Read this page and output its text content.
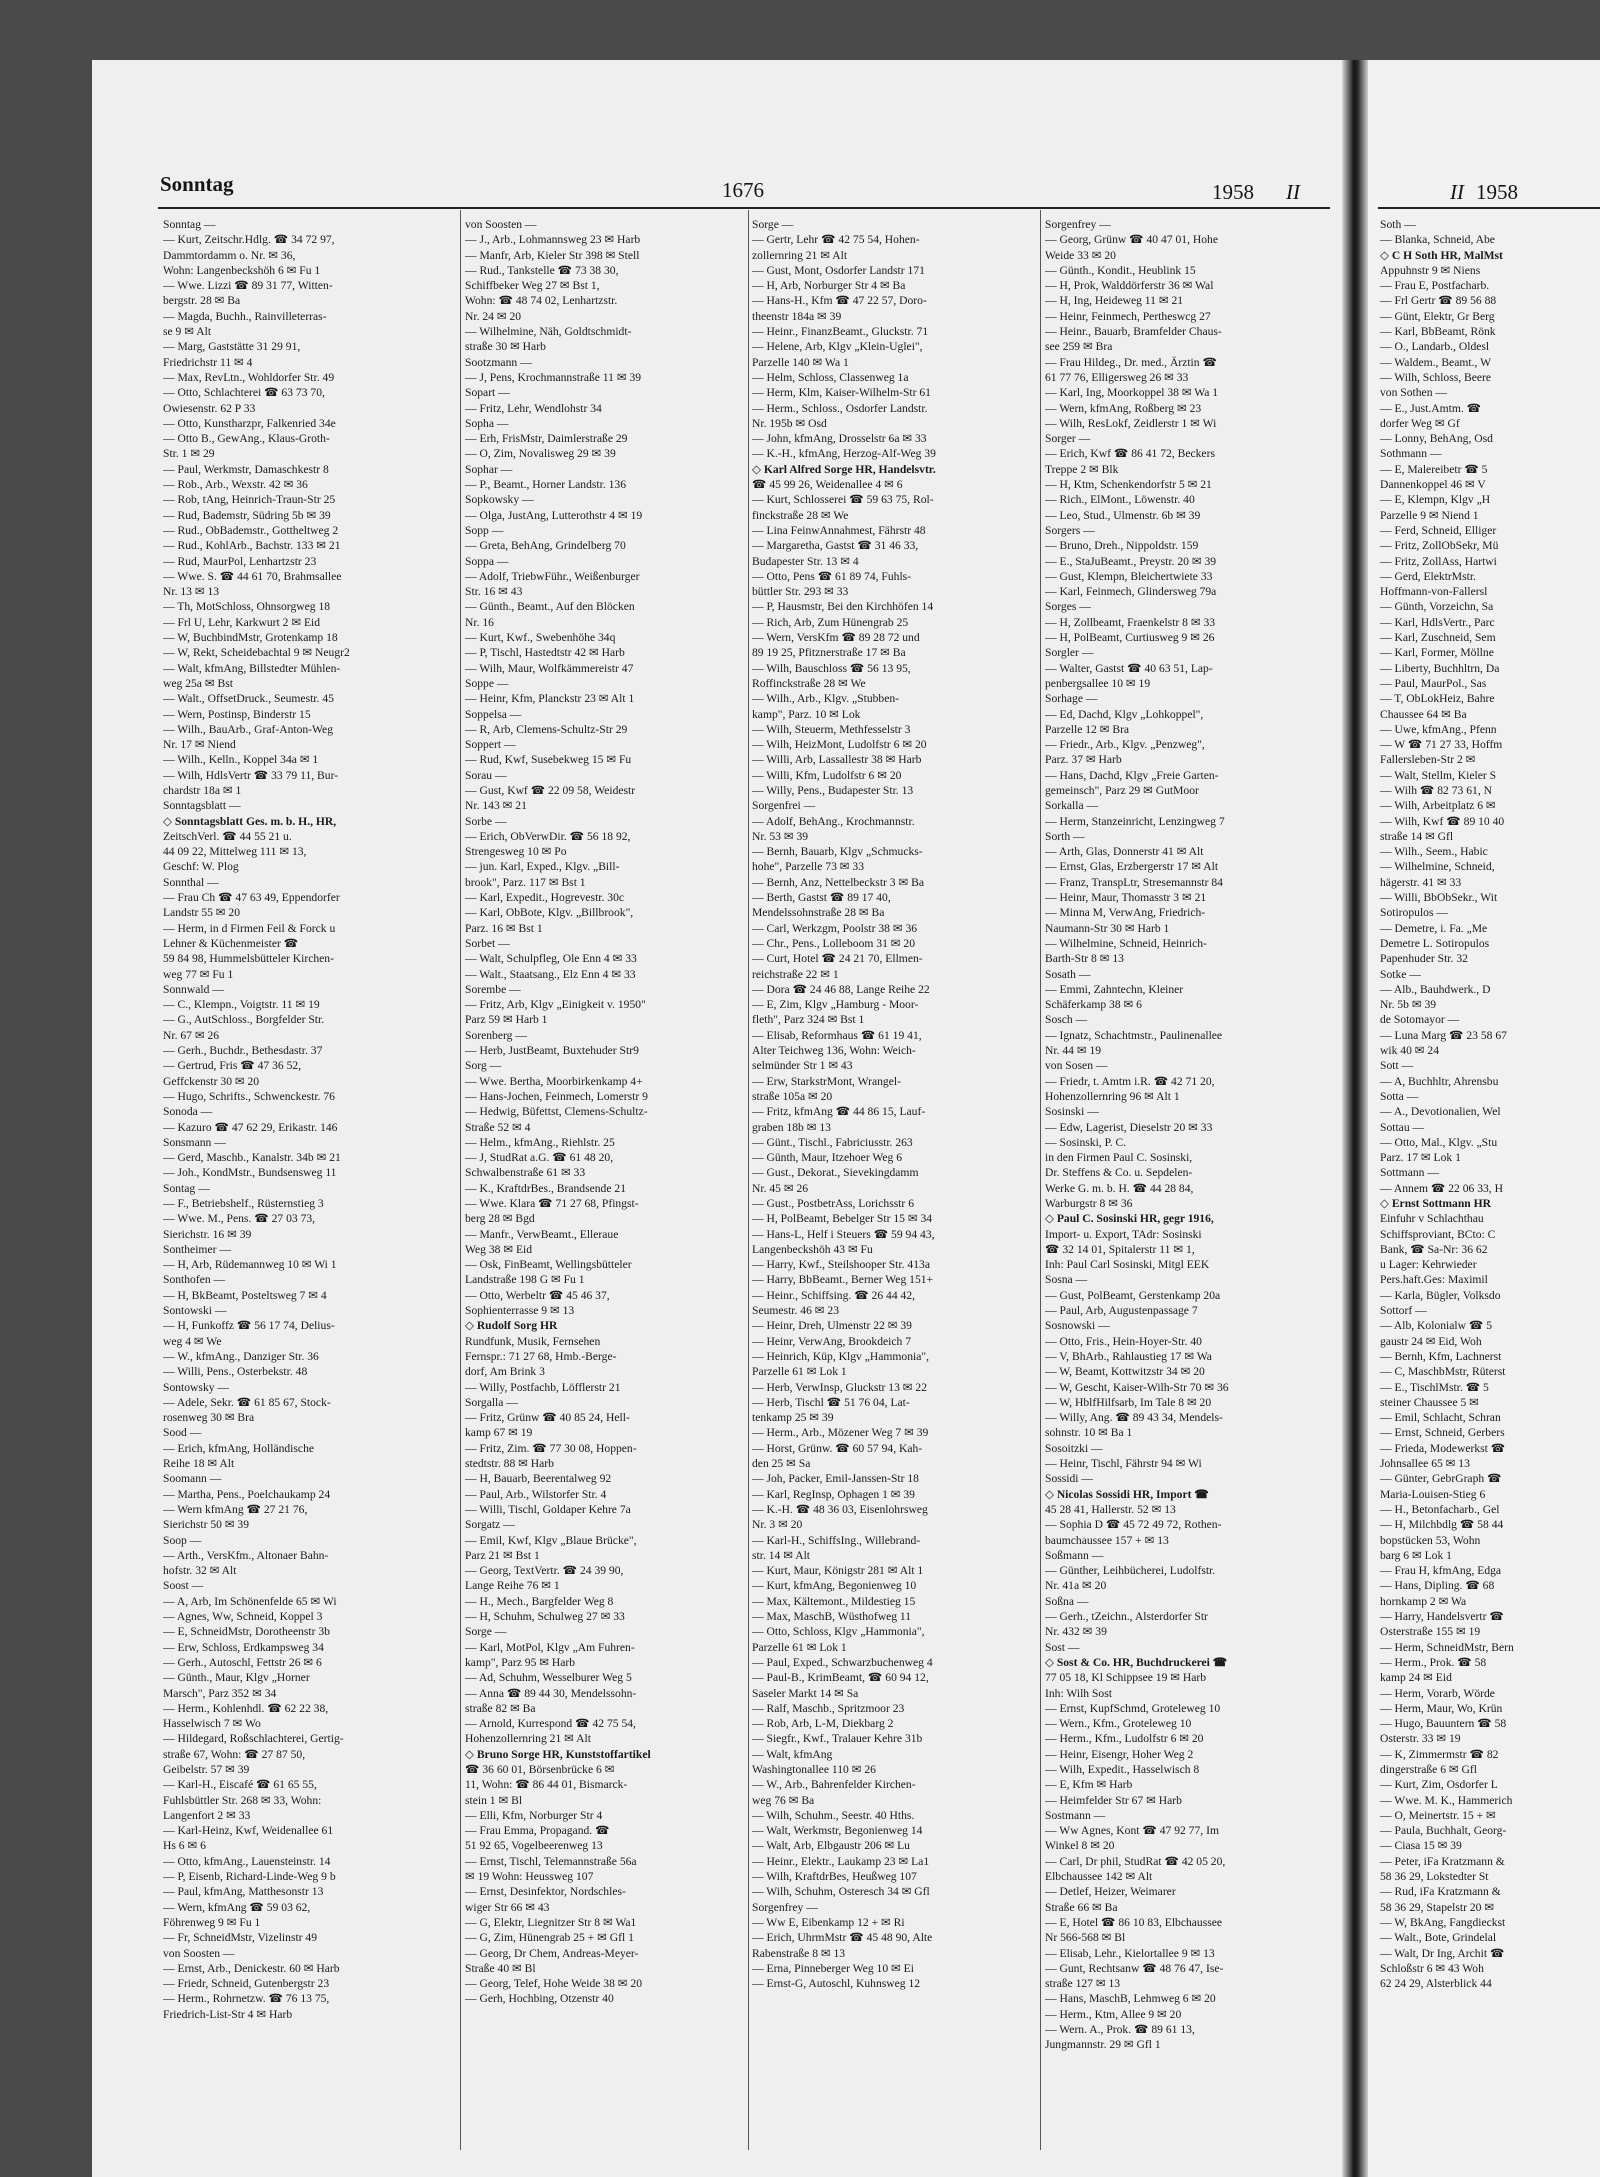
Sonntag	1676	1958 II	II 1958
Sonntag —
— Kurt, Zeitschr.Hdlg. ☎ 34 72 97,
Dammtordamm o. Nr. ✉ 36,
Wohn: Langenbeckshöh 6 ✉ Fu 1
— Wwe. Lizzi ☎ 89 31 77, Witten-
bergstr. 28 ✉ Ba
— Magda, Buchh., Rainvilleterras-
se 9 ✉ Alt
— Marg, Gaststätte 31 29 91,
Friedrichstr 11 ✉ 4
— Max, RevLtn., Wohldorfer Str. 49
— Otto, Schlachterei ☎ 63 73 70,
Owiesenstr. 62 P 33
— Otto, Kunstharzpr, Falkenried 34e
— Otto B., GewAng., Klaus-Groth-
Str. 1 ✉ 29
— Paul, Werkmstr, Damaschkestr 8
— Rob., Arb., Wexstr. 42 ✉ 36
— Rob, tAng, Heinrich-Traun-Str 25
— Rud, Bademstr, Südring 5b ✉ 39
— Rud., ObBademstr., Gottheltweg 2
— Rud., KohlArb., Bachstr. 133 ✉ 21
— Rud, MaurPol, Lenhartzstr 23
— Wwe. S. ☎ 44 61 70, Brahmsallee
Nr. 13 ✉ 13
— Th, MotSchloss, Ohnsorgweg 18
— Frl U, Lehr, Karkwurt 2 ✉ Eid
— W, BuchbindMstr, Grotenkamp 18
— W, Rekt, Scheidebachtal 9 ✉ Neugr2
— Walt, kfmAng, Billstedter Mühlen-
weg 25a ✉ Bst
— Walt., OffsetDruck., Seumestr. 45
— Wern, Postinsp, Binderstr 15
— Wilh., BauArb., Graf-Anton-Weg
Nr. 17 ✉ Niend
— Wilh., Kelln., Koppel 34a ✉ 1
— Wilh, HdlsVertr ☎ 33 79 11, Bur-
chardstr 18a ✉ 1
Sonntagsblatt —
◇ Sonntagsblatt Ges. m. b. H., HR,
ZeitschVerl. ☎ 44 55 21 u.
44 09 22, Mittelweg 111 ✉ 13,
Geschf: W. Plog
Sonnthal —
— Frau Ch ☎ 47 63 49, Eppendorfer
Landstr 55 ✉ 20
— Herm, in d Firmen Feil & Forck u
Lehner & Küchenmeister ☎
59 84 98, Hummelsbütteler Kirchen-
weg 77 ✉ Fu 1
Sonnwald —
— C., Klempn., Voigtstr. 11 ✉ 19
— G., AutSchloss., Borgfelder Str.
Nr. 67 ✉ 26
— Gerh., Buchdr., Bethesdastr. 37
— Gertrud, Fris ☎ 47 36 52,
Geffckenstr 30 ✉ 20
— Hugo, Schrifts., Schwenckestr. 76
Sonoda —
— Kazuro ☎ 47 62 29, Erikastr. 146
Sonsmann —
— Gerd, Maschb., Kanalstr. 34b ✉ 21
— Joh., KondMstr., Bundsensweg 11
Sontag —
— F., Betriebshelf., Rüsternstieg 3
— Wwe. M., Pens. ☎ 27 03 73,
Sierichstr. 16 ✉ 39
Sontheimer —
— H, Arb, Rüdemannweg 10 ✉ Wi 1
Sonthofen —
— H, BkBeamt, Posteltsweg 7 ✉ 4
Sontowski —
— H, Funkoffz ☎ 56 17 74, Delius-
weg 4 ✉ We
— W., kfmAng., Danziger Str. 36
— Willi, Pens., Osterbekstr. 48
Sontowsky —
— Adele, Sekr. ☎ 61 85 67, Stock-
rosenweg 30 ✉ Bra
Sood —
— Erich, kfmAng, Holländische
Reihe 18 ✉ Alt
Soomann —
— Martha, Pens., Poelchaukamp 24
— Wern kfmAng ☎ 27 21 76,
Sierichstr 50 ✉ 39
Soop —
— Arth., VersKfm., Altonaer Bahn-
hofstr. 32 ✉ Alt
Soost —
— A, Arb, Im Schönenfelde 65 ✉ Wi
— Agnes, Ww, Schneid, Koppel 3
— E, SchneidMstr, Dorotheenstr 3b
— Erw, Schloss, Erdkampsweg 34
— Gerh., Autoschl, Fettstr 26 ✉ 6
— Günth., Maur, Klgv „Horner
Marsch", Parz 352 ✉ 34
— Herm., Kohlenhdl. ☎ 62 22 38,
Hasselwisch 7 ✉ Wo
— Hildegard, Roßschlachterei, Gertig-
straße 67, Wohn: ☎ 27 87 50,
Geibelstr. 57 ✉ 39
— Karl-H., Eiscafé ☎ 61 65 55,
Fuhlsbüttler Str. 268 ✉ 33, Wohn:
Langenfort 2 ✉ 33
— Karl-Heinz, Kwf, Weidenallee 61
Hs 6 ✉ 6
— Otto, kfmAng., Lauensteinstr. 14
— P, Eisenb, Richard-Linde-Weg 9 b
— Paul, kfmAng, Matthesonstr 13
— Wern, kfmAng ☎ 59 03 62,
Föhrenweg 9 ✉ Fu 1
— Fr, SchneidMstr, Vizelinstr 49
von Soosten —
— Ernst, Arb., Denickestr. 60 ✉ Harb
— Friedr, Schneid, Gutenbergstr 23
— Herm., Rohrnetzw. ☎ 76 13 75,
Friedrich-List-Str 4 ✉ Harb
von Soosten —
— J., Arb., Lohmannsweg 23 ✉ Harb
— Manfr, Arb, Kieler Str 398 ✉ Stell
— Rud., Tankstelle ☎ 73 38 30,
Schiffbeker Weg 27 ✉ Bst 1,
Wohn: ☎ 48 74 02, Lenhartzstr.
Nr. 24 ✉ 20
— Wilhelmine, Näh, Goldtschmidt-
straße 30 ✉ Harb
Sootzmann —
— J, Pens, Krochmannstraße 11 ✉ 39
Sopart —
— Fritz, Lehr, Wendlohstr 34
Sopha —
— Erh, FrisMstr, Daimlerstraße 29
— O, Zim, Novalisweg 29 ✉ 39
Sophar —
— P., Beamt., Horner Landstr. 136
Sopkowsky —
— Olga, JustAng, Lutterothstr 4 ✉ 19
Sopp —
— Greta, BehAng, Grindelberg 70
Soppa —
— Adolf, TriebwFühr., Weißenburger
Str. 16 ✉ 43
— Günth., Beamt., Auf den Blöcken
Nr. 16
— Kurt, Kwf., Swebenhöhe 34q
— P, Tischl, Hastedtstr 42 ✉ Harb
— Wilh, Maur, Wolfkämmereistr 47
Soppe —
— Heinr, Kfm, Planckstr 23 ✉ Alt 1
Soppelsa —
— R, Arb, Clemens-Schultz-Str 29
Soppert —
— Rud, Kwf, Susebekweg 15 ✉ Fu
Sorau —
— Gust, Kwf ☎ 22 09 58, Weidestr
Nr. 143 ✉ 21
Sorbe —
— Erich, ObVerwDir. ☎ 56 18 92,
Strengesweg 10 ✉ Po
— jun. Karl, Exped., Klgv. „Bill-
brook", Parz. 117 ✉ Bst 1
— Karl, Expedit., Hogrevestr. 30c
— Karl, ObBote, Klgv. „Billbrook",
Parz. 16 ✉ Bst 1
Sorbet —
— Walt, Schulpfleg, Ole Enn 4 ✉ 33
— Walt., Staatsang., Elz Enn 4 ✉ 33
Sorembe —
— Fritz, Arb, Klgv „Einigkeit v. 1950"
Parz 59 ✉ Harb 1
Sorenberg —
— Herb, JustBeamt, Buxtehuder Str9
Sorg —
— Wwe. Bertha, Moorbirkenkamp 4+
— Hans-Jochen, Feinmech, Lomerstr 9
— Hedwig, Büfettst, Clemens-Schultz-
Straße 52 ✉ 4
— Helm., kfmAng., Riehlstr. 25
— J, StudRat a.G. ☎ 61 48 20,
Schwalbenstraße 61 ✉ 33
— K., KraftdrBes., Brandsende 21
— Wwe. Klara ☎ 71 27 68, Pfingst-
berg 28 ✉ Bgd
— Manfr., VerwBeamt., Elleraue
Weg 38 ✉ Eid
— Osk, FinBeamt, Wellingsbütteler
Landstraße 198 G ✉ Fu 1
— Otto, Werbeltr ☎ 45 46 37,
Sophienterrasse 9 ✉ 13
◇ Rudolf Sorg HR
Rundfunk, Musik, Fernsehen
Fernspr.: 71 27 68, Hmb.-Berge-
dorf, Am Brink 3
— Willy, Postfachb, Löfflerstr 21
Sorgalla —
— Fritz, Grünw ☎ 40 85 24, Hell-
kamp 67 ✉ 19
— Fritz, Zim. ☎ 77 30 08, Hoppen-
stedtstr. 88 ✉ Harb
— H, Bauarb, Beerentalweg 92
— Paul, Arb., Wilstorfer Str. 4
— Willi, Tischl, Goldaper Kehre 7a
Sorgatz —
— Emil, Kwf, Klgv „Blaue Brücke",
Parz 21 ✉ Bst 1
— Georg, TextVertr. ☎ 24 39 90,
Lange Reihe 76 ✉ 1
— H., Mech., Bargfelder Weg 8
— H, Schuhm, Schulweg 27 ✉ 33
Sorge —
— Karl, MotPol, Klgv „Am Fuhren-
kamp", Parz 95 ✉ Harb
— Ad, Schuhm, Wesselburer Weg 5
— Anna ☎ 89 44 30, Mendelssohn-
straße 82 ✉ Ba
— Arnold, Kurrespond ☎ 42 75 54,
Hohenzollernring 21 ✉ Alt
◇ Bruno Sorge HR, Kunststoffartikel
☎ 36 60 01, Börsenbrücke 6 ✉
11, Wohn: ☎ 86 44 01, Bismarck-
stein 1 ✉ Bl
— Elli, Kfm, Norburger Str 4
— Frau Emma, Propagand. ☎
51 92 65, Vogelbeerenweg 13
— Ernst, Tischl, Telemannstraße 56a
✉ 19 Wohn: Heussweg 107
— Ernst, Desinfektor, Nordschles-
wiger Str 66 ✉ 43
— G, Elektr, Liegnitzer Str 8 ✉ Wa1
— G, Zim, Hünengrab 25 + ✉ Gfl 1
— Georg, Dr Chem, Andreas-Meyer-
Straße 40 ✉ Bl
— Georg, Telef, Hohe Weide 38 ✉ 20
— Gerh, Hochbing, Otzenstr 40
Sorge —
— Gertr, Lehr ☎ 42 75 54, Hohen-
zollernring 21 ✉ Alt
— Gust, Mont, Osdorfer Landstr 171
— H, Arb, Norburger Str 4 ✉ Ba
— Hans-H., Kfm ☎ 47 22 57, Doro-
theenstr 184a ✉ 39
— Heinr., FinanzBeamt., Gluckstr. 71
— Helene, Arb, Klgv „Klein-Uglei",
Parzelle 140 ✉ Wa 1
— Helm, Schloss, Classenweg 1a
— Herm, Klm, Kaiser-Wilhelm-Str 61
— Herm., Schloss., Osdorfer Landstr.
Nr. 195b ✉ Osd
— John, kfmAng, Drosselstr 6a ✉ 33
— K.-H., kfmAng, Herzog-Alf-Weg 39
◇ Karl Alfred Sorge HR, Handelsvtr.
☎ 45 99 26, Weidenallee 4 ✉ 6
— Kurt, Schlosserei ☎ 59 63 75, Rol-
finckstraße 28 ✉ We
— Lina FeinwAnnahmest, Fährstr 48
— Margaretha, Gastst ☎ 31 46 33,
Budapester Str. 13 ✉ 4
— Otto, Pens ☎ 61 89 74, Fuhls-
büttler Str. 293 ✉ 33
— P, Hausmstr, Bei den Kirchhöfen 14
— Rich, Arb, Zum Hünengrab 25
— Wern, VersKfm ☎ 89 28 72 und
89 19 25, Pfitznerstraße 17 ✉ Ba
— Wilh, Bauschloss ☎ 56 13 95,
Roffinckstraße 28 ✉ We
— Wilh., Arb., Klgv. „Stubben-
kamp", Parz. 10 ✉ Lok
— Wilh, Steuerm, Methfesselstr 3
— Wilh, HeizMont, Ludolfstr 6 ✉ 20
— Willi, Arb, Lassallestr 38 ✉ Harb
— Willi, Kfm, Ludolfstr 6 ✉ 20
— Willy, Pens., Budapester Str. 13
Sorgenfrei —
— Adolf, BehAng., Krochmannstr.
Nr. 53 ✉ 39
— Bernh, Bauarb, Klgv „Schmucks-
hohe", Parzelle 73 ✉ 33
— Bernh, Anz, Nettelbeckstr 3 ✉ Ba
— Berth, Gastst ☎ 89 17 40,
Mendelssohnstraße 28 ✉ Ba
— Carl, Werkzgm, Poolstr 38 ✉ 36
— Chr., Pens., Lolleboom 31 ✉ 20
— Curt, Hotel ☎ 24 21 70, Ellmen-
reichstraße 22 ✉ 1
— Dora ☎ 24 46 88, Lange Reihe 22
— E, Zim, Klgv „Hamburg - Moor-
fleth", Parz 324 ✉ Bst 1
— Elisab, Reformhaus ☎ 61 19 41,
Alter Teichweg 136, Wohn: Weich-
selmünder Str 1 ✉ 43
— Erw, StarkstrMont, Wrangel-
straße 105a ✉ 20
— Fritz, kfmAng ☎ 44 86 15, Lauf-
graben 18b ✉ 13
— Günt., Tischl., Fabriciusstr. 263
— Günth, Maur, Itzehoer Weg 6
— Gust., Dekorat., Sievekingdamm
Nr. 45 ✉ 26
— Gust., PostbetrAss, Lorichsstr 6
— H, PolBeamt, Bebelger Str 15 ✉ 34
— Hans-L, Helf i Steuers ☎ 59 94 43,
Langenbeckshöh 43 ✉ Fu
— Harry, Kwf., Steilshooper Str. 413a
— Harry, BbBeamt., Berner Weg 151+
— Heinr., Schiffsing. ☎ 26 44 42,
Seumestr. 46 ✉ 23
— Heinr, Dreh, Ulmenstr 22 ✉ 39
— Heinr, VerwAng, Brookdeich 7
— Heinrich, Küp, Klgv „Hammonia",
Parzelle 61 ✉ Lok 1
— Herb, VerwInsp, Gluckstr 13 ✉ 22
— Herb, Tischl ☎ 51 76 04, Lat-
tenkamp 25 ✉ 39
— Herm., Arb., Mözener Weg 7 ✉ 39
— Horst, Grünw. ☎ 60 57 94, Kah-
den 25 ✉ Sa
— Joh, Packer, Emil-Janssen-Str 18
— Karl, RegInsp, Ophagen 1 ✉ 39
— K.-H. ☎ 48 36 03, Eisenlohrsweg
Nr. 3 ✉ 20
— Karl-H., SchiffsIng., Willebrand-
str. 14 ✉ Alt
— Kurt, Maur, Königstr 281 ✉ Alt 1
— Kurt, kfmAng, Begonienweg 10
— Max, Kältemont., Mildestieg 15
— Max, MaschB, Wüsthofweg 11
— Otto, Schloss, Klgv „Hammonia",
Parzelle 61 ✉ Lok 1
— Paul, Exped., Schwarzbuchenweg 4
— Paul-B., KrimBeamt, ☎ 60 94 12,
Saseler Markt 14 ✉ Sa
— Ralf, Maschb., Spritzmoor 23
— Rob, Arb, L-M, Diekbarg 2
— Siegfr., Kwf., Tralauer Kehre 31b
— Walt, kfmAng
Washingtonallee 110 ✉ 26
— W., Arb., Bahrenfelder Kirchen-
weg 76 ✉ Ba
— Wilh, Schuhm., Seestr. 40 Hths.
— Walt, Werkmstr, Begonienweg 14
— Walt, Arb, Elbgaustr 206 ✉ Lu
— Heinr., Elektr., Laukamp 23 ✉ La1
— Wilh, KraftdrBes, Heußweg 107
— Wilh, Schuhm, Osteresch 34 ✉ Gfl
Sorgenfrey —
— Ww E, Eibenkamp 12 + ✉ Ri
— Erich, UhrmMstr ☎ 45 48 90, Alte
Rabenstraße 8 ✉ 13
— Erna, Pinneberger Weg 10 ✉ Ei
— Ernst-G, Autoschl, Kuhnsweg 12
Sorgenfrey —
— Georg, Grünw ☎ 40 47 01, Hohe
Weide 33 ✉ 20
— Günth., Kondit., Heublink 15
— H, Prok, Walddörferstr 36 ✉ Wal
— H, Ing, Heideweg 11 ✉ 21
— Heinr, Feinmech, Pertheswcg 27
— Heinr., Bauarb, Bramfelder Chaus-
see 259 ✉ Bra
— Frau Hildeg., Dr. med., Ärztin ☎
61 77 76, Elligersweg 26 ✉ 33
— Karl, Ing, Moorkoppel 38 ✉ Wa 1
— Wern, kfmAng, Roßberg ✉ 23
— Wilh, ResLokf, Zeidlerstr 1 ✉ Wi
Sorger —
— Erich, Kwf ☎ 86 41 72, Beckers
Treppe 2 ✉ Blk
— H, Ktm, Schenkendorfstr 5 ✉ 21
— Rich., ElMont., Löwenstr. 40
— Leo, Stud., Ulmenstr. 6b ✉ 39
Sorgers —
— Bruno, Dreh., Nippoldstr. 159
— E., StaJuBeamt., Preystr. 20 ✉ 39
— Gust, Klempn, Bleichertwiete 33
— Karl, Feinmech, Glindersweg 79a
Sorges —
— H, Zollbeamt, Fraenkelstr 8 ✉ 33
— H, PolBeamt, Curtiusweg 9 ✉ 26
Sorgler —
— Walter, Gastst ☎ 40 63 51, Lap-
penbergsallee 10 ✉ 19
Sorhage —
— Ed, Dachd, Klgv „Lohkoppel",
Parzelle 12 ✉ Bra
— Friedr., Arb., Klgv. „Penzweg",
Parz. 37 ✉ Harb
— Hans, Dachd, Klgv „Freie Garten-
gemeinsch", Parz 29 ✉ GutMoor
Sorkalla —
— Herm, Stanzeinricht, Lenzingweg 7
Sorth —
— Arth, Glas, Donnerstr 41 ✉ Alt
— Ernst, Glas, Erzbergerstr 17 ✉ Alt
— Franz, TranspLtr, Stresemannstr 84
— Heinr, Maur, Thomasstr 3 ✉ 21
— Minna M, VerwAng, Friedrich-
Naumann-Str 30 ✉ Harb 1
— Wilhelmine, Schneid, Heinrich-
Barth-Str 8 ✉ 13
Sosath —
— Emmi, Zahntechn, Kleiner
Schäferkamp 38 ✉ 6
Sosch —
— Ignatz, Schachtmstr., Paulinenallee
Nr. 44 ✉ 19
von Sosen —
— Friedr, t. Amtm i.R. ☎ 42 71 20,
Hohenzollernring 96 ✉ Alt 1
Sosinski —
— Edw, Lagerist, Dieselstr 20 ✉ 33
— Sosinski, P. C.
in den Firmen Paul C. Sosinski,
Dr. Steffens & Co. u. Sepdelen-
Werke G. m. b. H. ☎ 44 28 84,
Warburgstr 8 ✉ 36
◇ Paul C. Sosinski HR, gegr 1916,
Import- u. Export, TAdr: Sosinski
☎ 32 14 01, Spitalerstr 11 ✉ 1,
Inh: Paul Carl Sosinski, Mitgl EEK
Sosna —
— Gust, PolBeamt, Gerstenkamp 20a
— Paul, Arb, Augustenpassage 7
Sosnowski —
— Otto, Fris., Hein-Hoyer-Str. 40
— V, BhArb., Rahlaustieg 17 ✉ Wa
— W, Beamt, Kottwitzstr 34 ✉ 20
— W, Gescht, Kaiser-Wilh-Str 70 ✉ 36
— W, HblfHilfsarb, Im Tale 8 ✉ 20
— Willy, Ang. ☎ 89 43 34, Mendels-
sohnstr. 10 ✉ Ba 1
Sosoitzki —
— Heinr, Tischl, Fährstr 94 ✉ Wi
Sossidi —
◇ Nicolas Sossidi HR, Import ☎
45 28 41, Hallerstr. 52 ✉ 13
— Sophia D ☎ 45 72 49 72, Rothen-
baumchaussee 157 + ✉ 13
Soßmann —
— Günther, Leihbücherei, Ludolfstr.
Nr. 41a ✉ 20
Soßna —
— Gerh., tZeichn., Alsterdorfer Str
Nr. 432 ✉ 39
Sost —
◇ Sost & Co. HR, Buchdruckerei ☎
77 05 18, Kl Schippsee 19 ✉ Harb
Inh: Wilh Sost
— Ernst, KupfSchmd, Groteleweg 10
— Wern., Kfm., Groteleweg 10
— Herm., Kfm., Ludolfstr 6 ✉ 20
— Heinr, Eisengr, Hoher Weg 2
— Wilh, Expedit., Hasselwisch 8
— E, Kfm ✉ Harb
— Heimfelder Str 67 ✉ Harb
Sostmann —
— Ww Agnes, Kont ☎ 47 92 77, Im
Winkel 8 ✉ 20
— Carl, Dr phil, StudRat ☎ 42 05 20,
Elbchaussee 142 ✉ Alt
— Detlef, Heizer, Weimarer
Straße 66 ✉ Ba
— E, Hotel ☎ 86 10 83, Elbchaussee
Nr 566-568 ✉ Bl
— Elisab, Lehr., Kielortallee 9 ✉ 13
— Gunt, Rechtsanw ☎ 48 76 47, Ise-
straße 127 ✉ 13
— Hans, MaschB, Lehmweg 6 ✉ 20
— Herm., Ktm, Allee 9 ✉ 20
— Wern. A., Prok. ☎ 89 61 13,
Jungmannstr. 29 ✉ Gfl 1
Soth —
— Blanka, Schneid, Abe
◇ C H Soth HR, MalMst
Appuhnstr 9 ✉ Niens
— Frau E, Postfacharb.
— Frl Gertr ☎ 89 56 88
— Günt, Elektr, Gr Berg
— Karl, BbBeamt, Rönk
— O., Landarb., Oldesl
— Waldem., Beamt., W
— Wilh, Schloss, Beere
von Sothen —
— E., Just.Amtm. ☎
dorfer Weg ✉ Gf
— Lonny, BehAng, Osd
Sothmann —
— E, Malereibetr ☎ 5
Dannenkoppel 46 ✉ V
— E, Klempn, Klgv „H
Parzelle 9 ✉ Niend 1
— Ferd, Schneid, Elliger
— Fritz, ZollObSekr, Mü
— Fritz, ZollAss, Hartwi
— Gerd, ElektrMstr.
Hoffmann-von-Fallersl
— Günth, Vorzeichn, Sa
— Karl, HdlsVertr., Parc
— Karl, Zuschneid, Sem
— Karl, Former, Möllne
— Liberty, Buchhltrn, Da
— Paul, MaurPol., Sas
— T, ObLokHeiz, Bahre
Chaussee 64 ✉ Ba
— Uwe, kfmAng., Pfenn
— W ☎ 71 27 33, Hoffm
Fallersleben-Str 2 ✉
— Walt, Stellm, Kieler S
— Wilh ☎ 82 73 61, N
— Wilh, Arbeitplatz 6 ✉
— Wilh, Kwf ☎ 89 10 40
straße 14 ✉ Gfl
— Wilh., Seem., Habic
— Wilhelmine, Schneid,
hägerstr. 41 ✉ 33
— Willi, BbObSekr., Wit
Sotiropulos —
— Demetre, i. Fa. „Me
Demetre L. Sotiropulos
Papenhuder Str. 32
Sotke —
— Alb., Bauhdwerk., D
Nr. 5b ✉ 39
de Sotomayor —
— Luna Marg ☎ 23 58 67
wik 40 ✉ 24
Sott —
— A, Buchhltr, Ahrensbu
Sotta —
— A., Devotionalien, Wel
Sottau —
— Otto, Mal., Klgv. „Stu
Parz. 17 ✉ Lok 1
Sottmann —
— Annem ☎ 22 06 33, H
◇ Ernst Sottmann HR
Einfuhr v Schlachthau
Schiffsproviant, BCto: C
Bank, ☎ Sa-Nr: 36 62
u Lager: Kehrwieder
Pers.haft.Ges: Maximil
— Karla, Bügler, Volksdo
Sottorf —
— Alb, Kolonialw ☎ 5
gaustr 24 ✉ Eid, Woh
— Bernh, Kfm, Lachnerst
— C, MaschbMstr, Rüterst
— E., TischlMstr. ☎ 5
steiner Chaussee 5 ✉
— Emil, Schlacht, Schran
— Ernst, Schneid, Gerbers
— Frieda, Modewerkst ☎
Johnsallee 65 ✉ 13
— Günter, GebrGraph ☎
Maria-Louisen-Stieg 6
— H., Betonfacharb., Gel
— H, Milchbdlg ☎ 58 44
bopstücken 53, Wohn
barg 6 ✉ Lok 1
— Frau H, kfmAng, Edga
— Hans, Dipling. ☎ 68
hornkamp 2 ✉ Wa
— Harry, Handelsvertr ☎
Osterstraße 155 ✉ 19
— Herm, SchneidMstr, Bern
— Herm., Prok. ☎ 58
kamp 24 ✉ Eid
— Herm, Vorarb, Wörde
— Herm, Maur, Wo, Krün
— Hugo, Bauuntern ☎ 58
Osterstr. 33 ✉ 19
— K, Zimmermstr ☎ 82
dingerstraße 6 ✉ Gfl
— Kurt, Zim, Osdorfer L
— Wwe. M. K., Hammerich
— O, Meinertstr. 15 + ✉
— Paula, Buchhalt, Georg-
— Ciasa 15 ✉ 39
— Peter, iFa Kratzmann &
58 36 29, Lokstedter St
— Rud, iFa Kratzmann &
58 36 29, Stapelstr 20 ✉
— W, BkAng, Fangdieckst
— Walt., Bote, Grindelal
— Walt, Dr Ing, Archit ☎
Schloßstr 6 ✉ 43 Woh
62 24 29, Alsterblick 44
